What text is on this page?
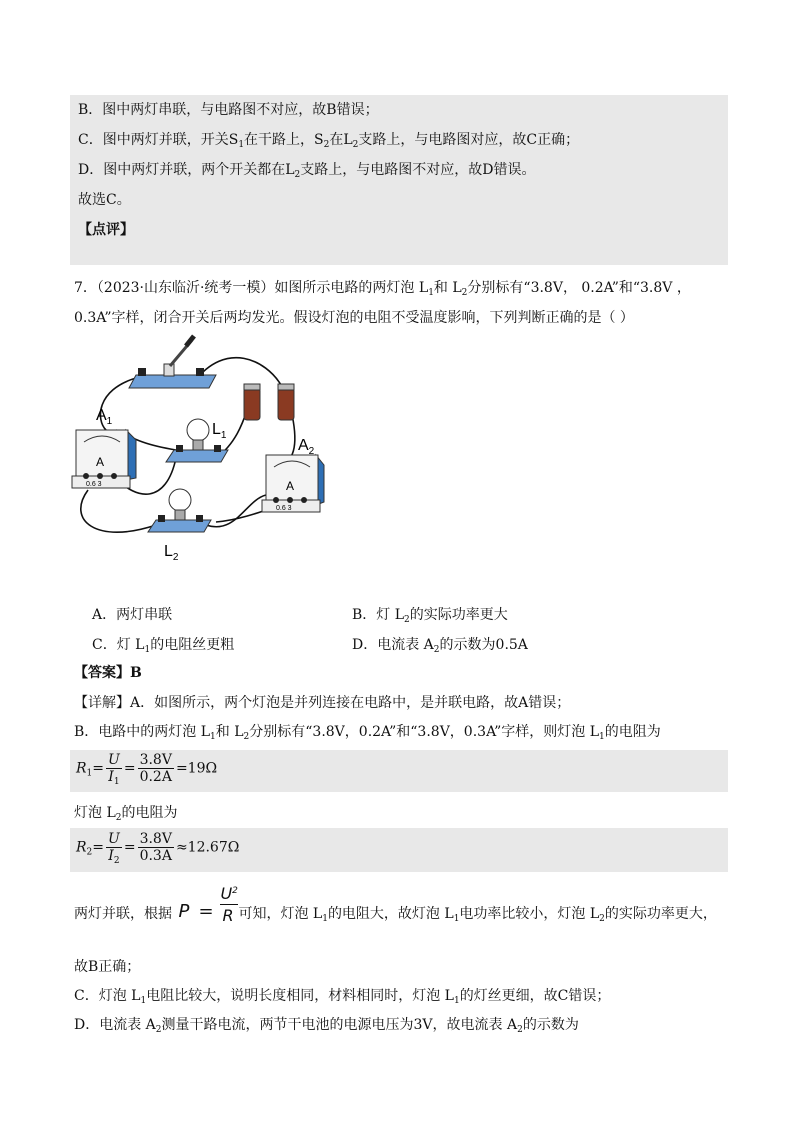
B．图中两灯串联，与电路图不对应，故B错误；
C．图中两灯并联，开关$S_1$在干路上，$S_2$在$L_2$支路上，与电路图对应，故C正确；
D．图中两灯并联，两个开关都在$L_2$支路上，与电路图不对应，故D错误。
故选C。
【点评】
7．（2023·山东临沂·统考一模）如图所示电路的两灯泡 $L_1$和 $L_2$分别标有“3.8V， 0.2A”和“3.8V ，
0.3A”字样，闭合开关后两均发光。假设灯泡的电阻不受温度影响，下列判断正确的是（ ）
$A_1$
A
0.6 3
$L_1$
$A_2$
A
0.6 3
$L_2$
A．两灯串联	B．灯 $L_2$的实际功率更大
C．灯 $L_1$的电阻丝更粗	D．电流表 $A_2$的示数为0.5A
【答案】B
【详解】A．如图所示，两个灯泡是并列连接在电路中，是并联电路，故A错误；
B．电路中的两灯泡 $L_1$和 $L_2$分别标有“3.8V，0.2A”和“3.8V，0.3A”字样，则灯泡 $L_1$的电阻为
$R_1= \frac{U}{I_1} = \frac{3.8V}{0.2A} =19\Omega$
灯泡 $L_2$的电阻为
$R_2= \frac{U}{I_2} = \frac{3.8V}{0.3A} \approx 12.67\Omega$
两灯并联，根据 P =
$U^2$
R 可知，灯泡 $L_1$的电阻大，故灯泡 $L_1$电功率比较小，灯泡 $L_2$的实际功率更大，
故B正确；
C．灯泡 $L_1$电阻比较大，说明长度相同，材料相同时，灯泡 $L_1$的灯丝更细，故C错误；
D．电流表 $A_2$测量干路电流，两节干电池的电源电压为3V，故电流表 $A_2$的示数为
